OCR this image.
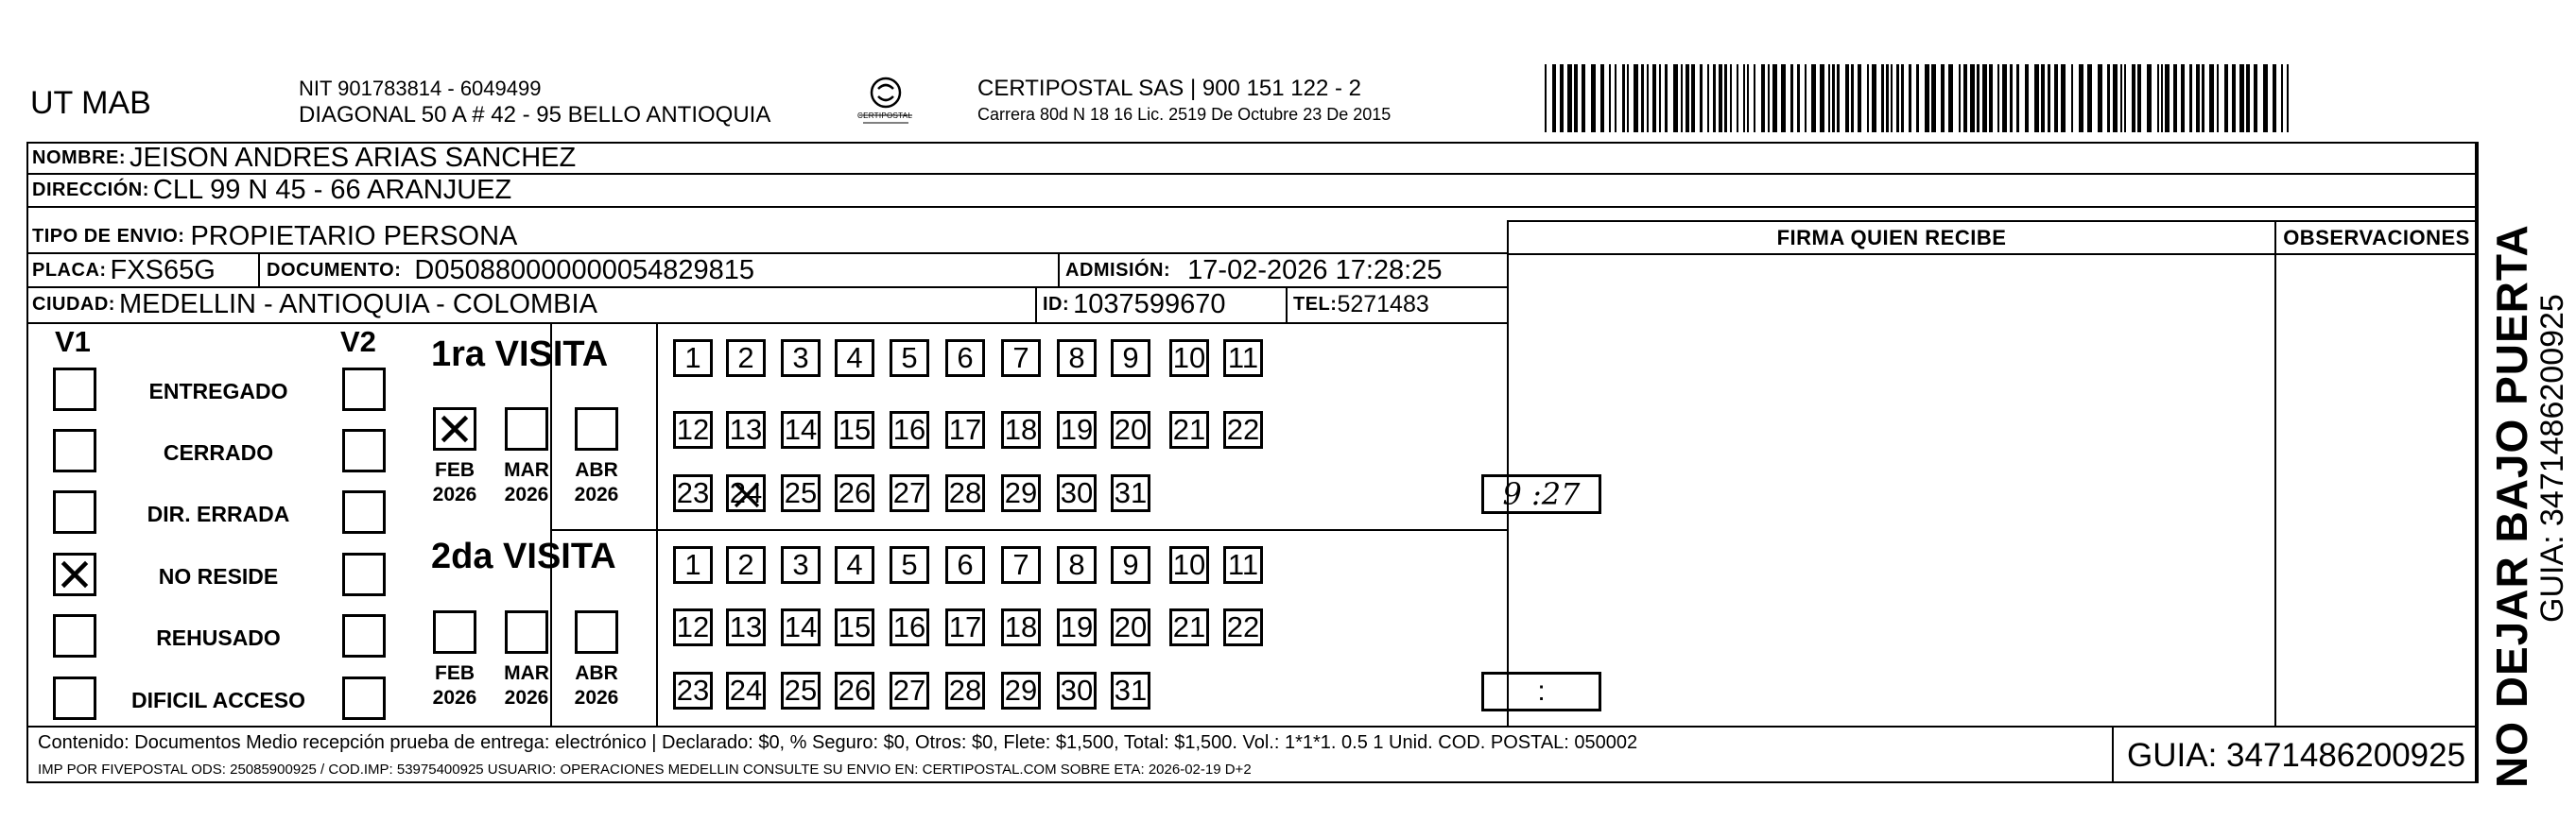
UT MAB	NIT 901783814 - 6049499
DIAGONAL 50 A # 42 - 95 BELLO ANTIOQUIA	CERTIPOSTAL
CERTIPOSTAL SAS | 900 151 122 - 2
Carrera 80d N 18 16 Lic. 2519 De Octubre 23 De 2015
NOMBRE: JEISON ANDRES ARIAS SANCHEZ
DIRECCIÓN: CLL 99 N 45 - 66 ARANJUEZ
TIPO DE ENVIO: PROPIETARIO PERSONA
PLACA: FXS65G	DOCUMENTO: D050880000000054829815	ADMISIÓN: 17-02-2026 17:28:25
CIUDAD: MEDELLIN - ANTIOQUIA - COLOMBIA	ID: 1037599670	TEL: 5271483
FIRMA QUIEN RECIBE	OBSERVACIONES
V1	V2
ENTREGADO
CERRADO
DIR. ERRADA
NO RESIDE
REHUSADO
DIFICIL ACCESO
1ra VISITA
FEB
2026
MAR
2026
ABR
2026
1 2 3 4 5 6 7 8 9 10 11
12 13 14 15 16 17 18 19 20 21 22
23 24 25 26 27 28 29 30 31	9 :27
2da VISITA
FEB
2026
MAR
2026
ABR
2026
1 2 3 4 5 6 7 8 9 10 11
12 13 14 15 16 17 18 19 20 21 22
23 24 25 26 27 28 29 30 31	:
Contenido: Documentos Medio recepción prueba de entrega: electrónico | Declarado: $0, % Seguro: $0, Otros: $0, Flete: $1,500, Total: $1,500. Vol.: 1*1*1. 0.5 1 Unid. COD. POSTAL: 050002
IMP POR FIVEPOSTAL ODS: 25085900925 / COD.IMP: 53975400925 USUARIO: OPERACIONES MEDELLIN CONSULTE SU ENVIO EN: CERTIPOSTAL.COM SOBRE ETA: 2026-02-19 D+2	GUIA: 3471486200925 NO DEJAR BAJO PUERTA
GUIA: 3471486200925
